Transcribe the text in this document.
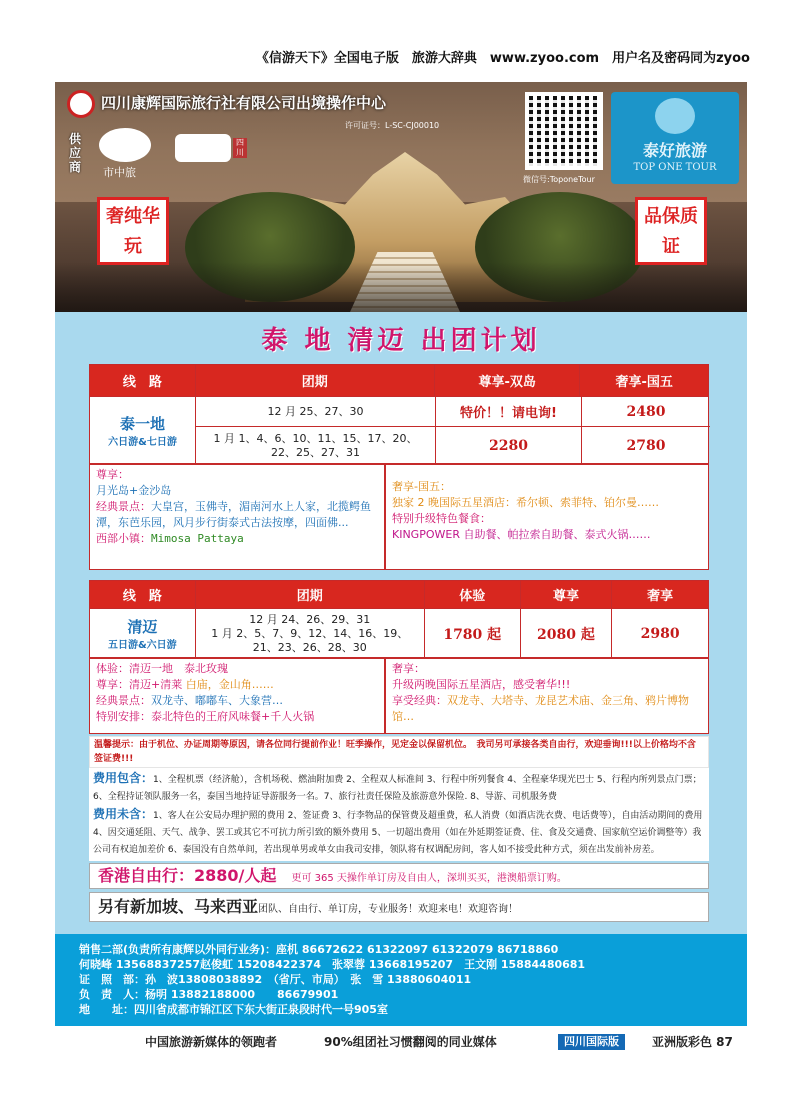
《信游天下》全国电子版　旅游大辞典　www.zyoo.com　用户名及密码同为zyoo
四川康辉国际旅行社有限公司出境操作中心
许可证号：L-SC-CJ00010
供应商	市中旅
四川
微信号:ToponeTour
泰好旅游
TOP ONE TOUR
奢纯华玩
品保质证
泰 地 清迈 出团计划
线　路	团期	尊享-双岛	奢享-国五
泰一地
六日游&七日游
12 月 25、27、30	特价！！请电询!	2480
1 月 1、4、6、10、11、15、17、20、22、25、27、31	2280	2780
尊享：
月光岛+金沙岛
经典景点：大皇宫，玉佛寺，湄南河水上人家，北揽鳄鱼潭，东芭乐园，风月步行街泰式古法按摩，四面佛...
西部小镇：Mimosa Pattaya
奢享-国五：
独家 2 晚国际五星酒店：希尔顿、索菲特、铂尔曼……
特别升级特色餐食：
KINGPOWER 自助餐、帕拉索自助餐、泰式火锅……
线　路	团期	体验	尊享	奢享
清迈
五日游&六日游
12 月 24、26、29、31
1 月 2、5、7、9、12、14、16、19、
21、23、26、28、30
1780 起	2080 起	2980
体验：清迈一地　泰北玫瑰
尊享：清迈+清莱 白庙，金山角……
经典景点：双龙寺、嘟嘟车、大象营…
特别安排：泰北特色的王府风味餐+千人火锅
奢享：
升级两晚国际五星酒店，感受奢华!!!
享受经典：双龙寺、大塔寺、龙昆艺术庙、金三角、鸦片博物馆…
温馨提示：由于机位、办证周期等原因，请各位同行提前作业！旺季操作，见定金以保留机位。　我司另可承接各类自由行，欢迎垂询!!!以上价格均不含签证费!!!
费用包含：1、全程机票（经济舱），含机场税、燃油附加费 2、全程双人标准间 3、行程中所列餐食 4、全程豪华现光巴士 5、行程内所列景点门票；6、全程持证领队服务一名，泰国当地持证导游服务一名。7、旅行社责任保险及旅游意外保险. 8、导游、司机服务费
费用未含：1、客人在公安局办理护照的费用 2、签证费 3、行李物品的保管费及超重费，私人消费（如酒店洗衣费、电话费等），自由活动期间的费用 4、因交通延阻、天气、战争、罢工或其它不可抗力所引致的额外费用 5、一切超出费用（如在外延期签证费、住、食及交通费、国家航空运价调整等）我公司有权追加差价 6、泰国没有自然单间，若出现单男或单女由我司安排，领队将有权调配房间，客人如不接受此种方式，须在出发前补房差。
香港自由行：2880/人起 更可 365 天操作单订房及自由人，深圳买买，港澳船票订购。
另有新加坡、马来西亚团队、自由行、单订房，专业服务！欢迎来电！欢迎咨询！
销售二部(负责所有康辉以外同行业务)：座机 86672622 61322097 61322079 86718860
何晓峰 13568837257赵俊虹 15208422374　张翠蓉 13668195207　王文刚 15884480681
证　照　部：孙　波13808038892　（省厅、市局）　张　雪 13880604011
负　责　人：杨明 13882188000　　86679901
地　　址：四川省成都市锦江区下东大街正泉段时代一号905室
中国旅游新媒体的领跑者	90%组团社习惯翻阅的同业媒体	四川国际版	亚洲版彩色 87
